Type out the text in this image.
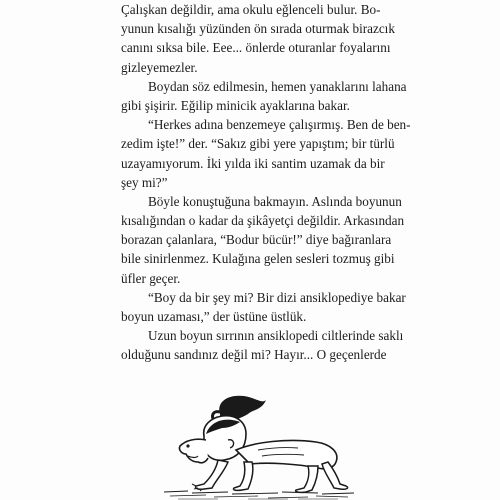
Çalışkan değildir, ama okulu eğlenceli bulur. Bo-
yunun kısalığı yüzünden ön sırada oturmak birazcık
canını sıksa bile. Eee... önlerde oturanlar foyalarını
gizleyemezler.
Boydan söz edilmesin, hemen yanaklarını lahana
gibi şişirir. Eğilip minicik ayaklarına bakar.
“Herkes adına benzemeye çalışırmış. Ben de ben-
zedim işte!” der. “Sakız gibi yere yapıştım; bir türlü
uzayamıyorum. İki yılda iki santim uzamak da bir
şey mi?”
Böyle konuştuğuna bakmayın. Aslında boyunun
kısalığından o kadar da şikâyetçi değildir. Arkasından
borazan çalanlara, “Bodur bücür!” diye bağıranlara
bile sinirlenmez. Kulağına gelen sesleri tozmuş gibi
üfler geçer.
“Boy da bir şey mi? Bir dizi ansiklopediye bakar
boyun uzaması,” der üstüne üstlük.
Uzun boyun sırrının ansiklopedi ciltlerinde saklı
olduğunu sandınız değil mi? Hayır... O geçenlerde
